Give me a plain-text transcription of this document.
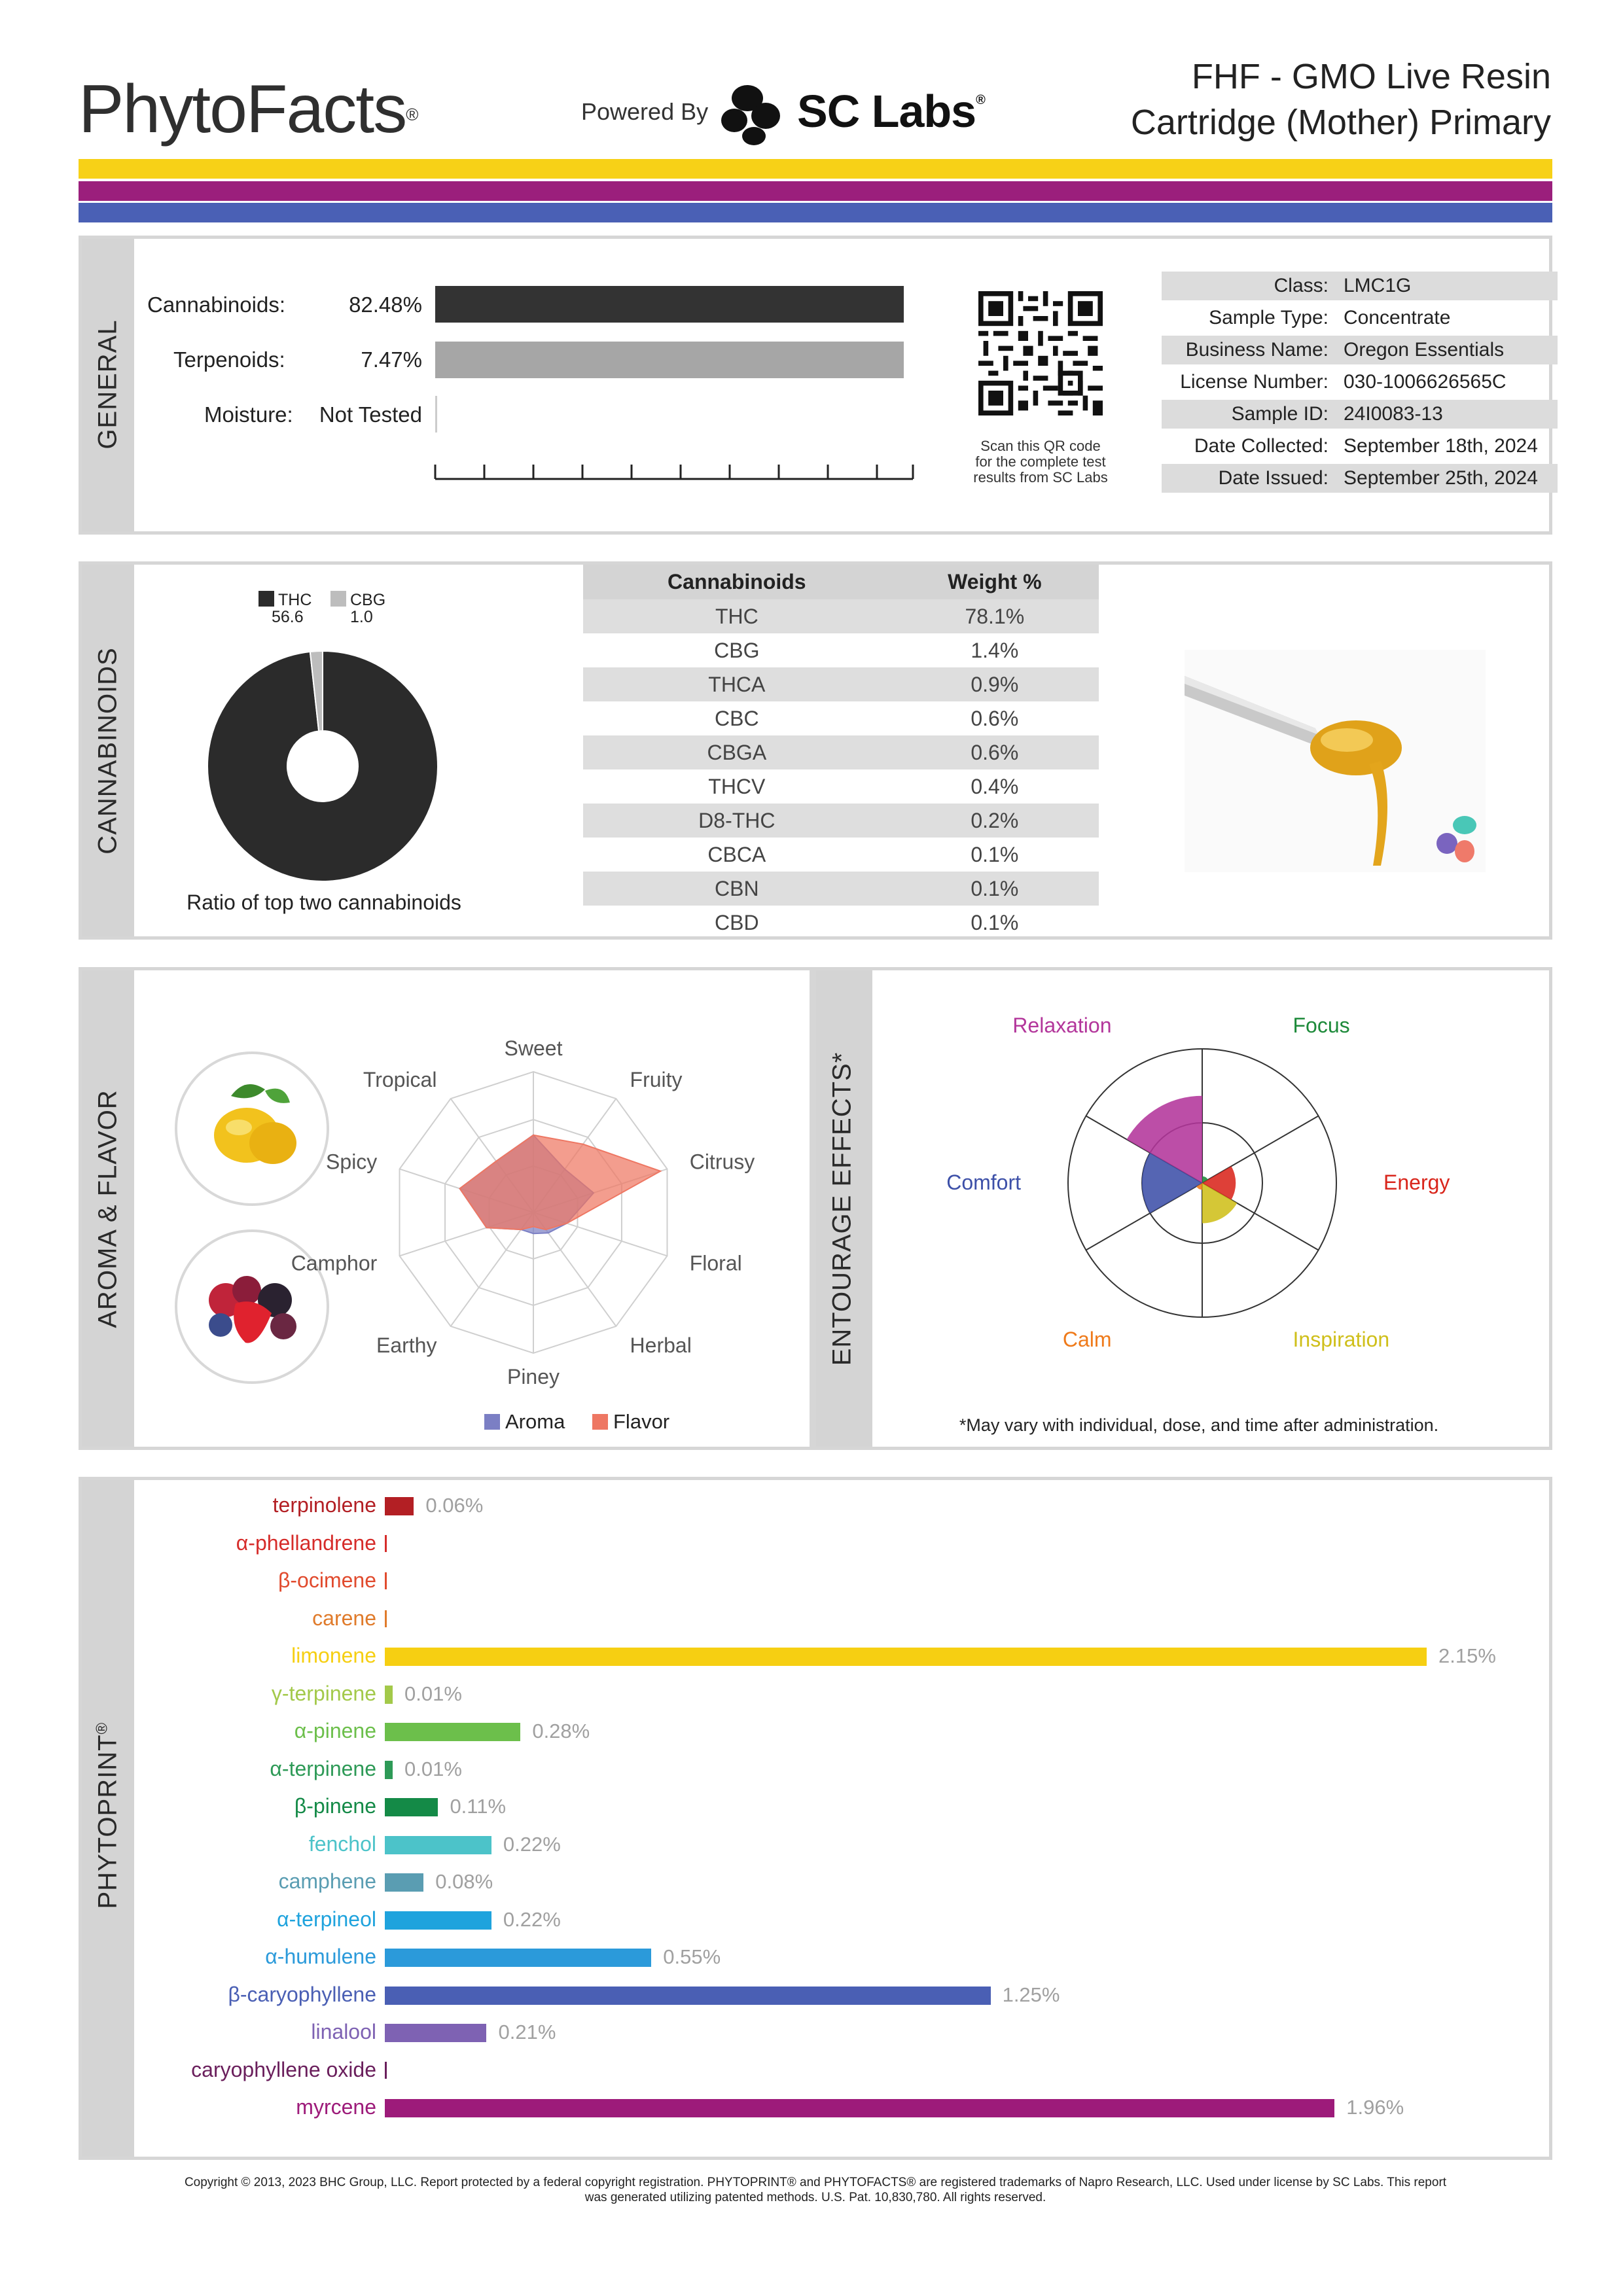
PhytoFacts®	Powered By SC Labs®
FHF - GMO Live Resin
Cartridge (Mother) Primary
GENERAL
Cannabinoids:	82.48%
Terpenoids:	7.47%
Moisture:	Not Tested
Scan this QR code
for the complete test
results from SC Labs
Class: LMC1G
Sample Type: Concentrate
Business Name: Oregon Essentials
License Number: 030-1006626565C
Sample ID: 24I0083-13
Date Collected: September 18th, 2024
Date Issued: September 25th, 2024
CANNABINOIDS
THC
56.6
CBG
1.0
Ratio of top two cannabinoids
Cannabinoids	Weight %
THC	78.1%
CBG	1.4%
THCA	0.9%
CBC	0.6%
CBGA	0.6%
THCV	0.4%
D8-THC	0.2%
CBCA	0.1%
CBN	0.1%
CBD	0.1%
AROMA & FLAVOR
Sweet
Fruity
Citrusy
Floral
Herbal
Piney
Earthy
Camphor
Spicy
Tropical
Aroma Flavor
ENTOURAGE EFFECTS*
Relaxation	Focus
Energy
Inspiration
Calm
Comfort
*May vary with individual, dose, and time after administration.
PHYTOPRINT®
terpinolene 0.06%
α-phellandrene
β-ocimene
carene
limonene	2.15%
γ-terpinene 0.01%
α-pinene	0.28%
α-terpinene 0.01%
β-pinene	0.11%
fenchol	0.22%
camphene	0.08%
α-terpineol	0.22%
α-humulene	0.55%
β-caryophyllene	1.25%
linalool	0.21%
caryophyllene oxide
myrcene	1.96%
Copyright © 2013, 2023 BHC Group, LLC. Report protected by a federal copyright registration. PHYTOPRINT® and PHYTOFACTS® are registered trademarks of Napro Research, LLC. Used under license by SC Labs. This report
was generated utilizing patented methods. U.S. Pat. 10,830,780. All rights reserved.
